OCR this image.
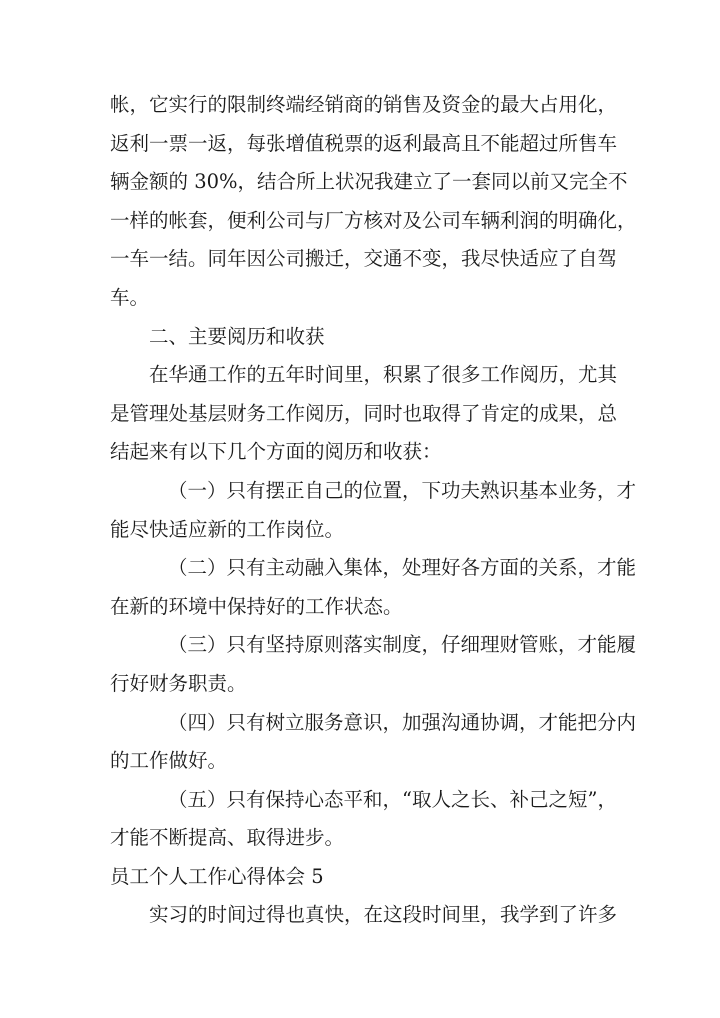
帐，它实行的限制终端经销商的销售及资金的最大占用化，
返利一票一返，每张增值税票的返利最高且不能超过所售车
辆金额的 30%，结合所上状况我建立了一套同以前又完全不
一样的帐套，便利公司与厂方核对及公司车辆利润的明确化，
一车一结。同年因公司搬迁，交通不变，我尽快适应了自驾
车。
二、主要阅历和收获
在华通工作的五年时间里，积累了很多工作阅历，尤其
是管理处基层财务工作阅历，同时也取得了肯定的成果，总
结起来有以下几个方面的阅历和收获：
（一）只有摆正自己的位置，下功夫熟识基本业务，才
能尽快适应新的工作岗位。
（二）只有主动融入集体，处理好各方面的关系，才能
在新的环境中保持好的工作状态。
（三）只有坚持原则落实制度，仔细理财管账，才能履
行好财务职责。
（四）只有树立服务意识，加强沟通协调，才能把分内
的工作做好。
（五）只有保持心态平和，“取人之长、补己之短”，
才能不断提高、取得进步。
员工个人工作心得体会 5
实习的时间过得也真快，在这段时间里，我学到了许多
